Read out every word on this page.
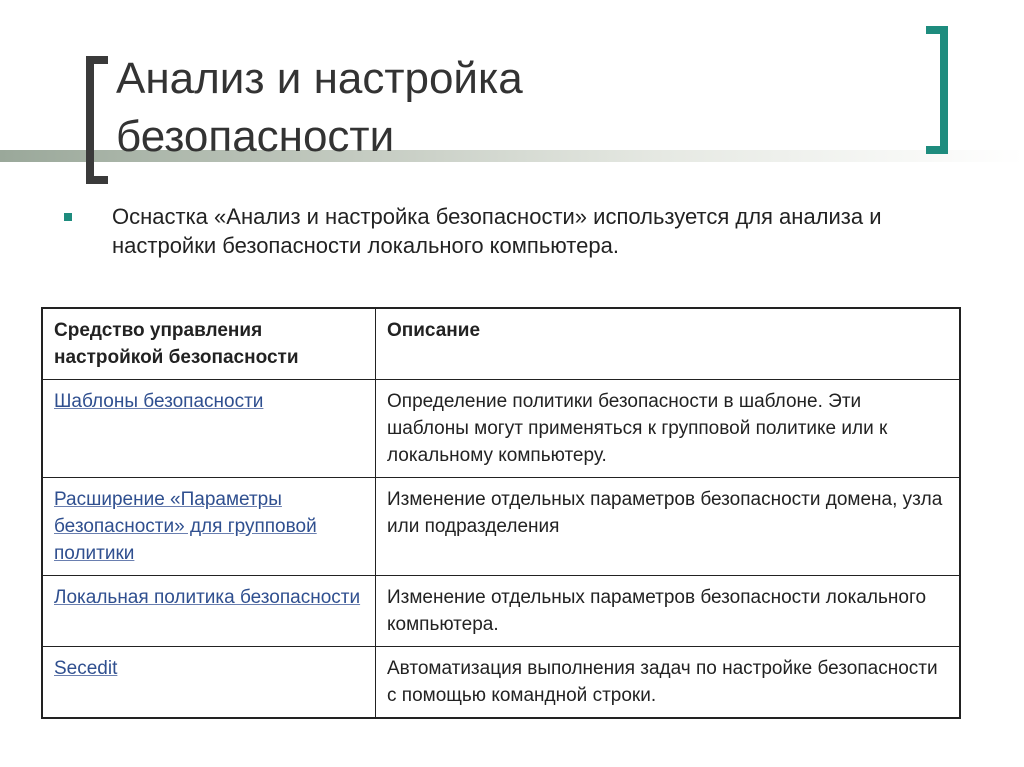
Анализ и настройка
безопасности
Оснастка «Анализ и настройка безопасности» используется для анализа и настройки безопасности локального компьютера.
Средство управления настройкой безопасности	Описание
Шаблоны безопасности	Определение политики безопасности в шаблоне. Эти шаблоны могут применяться к групповой политике или к локальному компьютеру.
Расширение «Параметры безопасности» для групповой политики	Изменение отдельных параметров безопасности домена, узла или подразделения
Локальная политика безопасности	Изменение отдельных параметров безопасности локального компьютера.
Secedit	Автоматизация выполнения задач по настройке безопасности с помощью командной строки.
